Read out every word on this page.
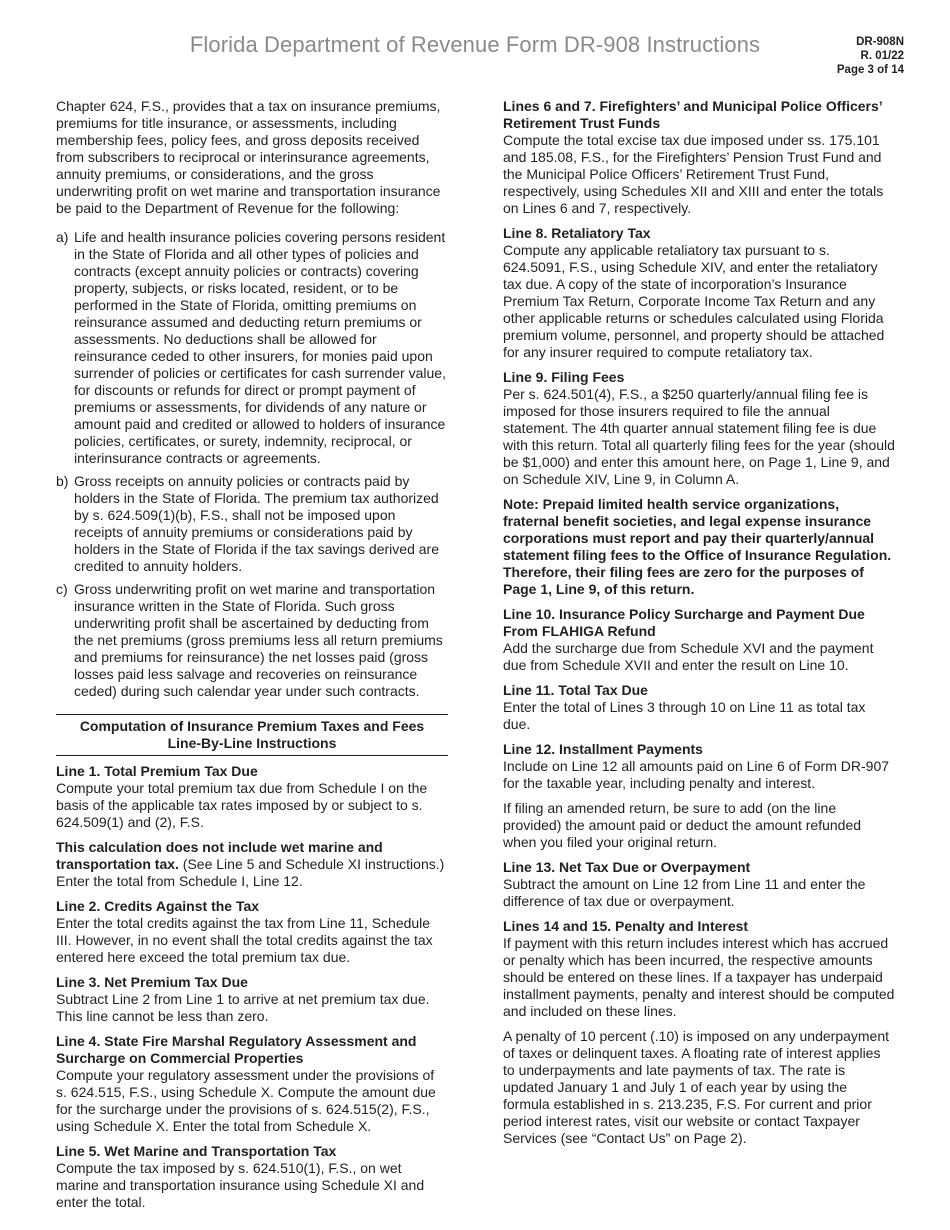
Florida Department of Revenue Form DR-908 Instructions	DR-908N
R. 01/22
Page 3 of 14

Chapter 624, F.S., provides that a tax on insurance premiums, premiums for title insurance, or assessments, including membership fees, policy fees, and gross deposits received from subscribers to reciprocal or interinsurance agreements, annuity premiums, or considerations, and the gross underwriting profit on wet marine and transportation insurance be paid to the Department of Revenue for the following:

a) Life and health insurance policies covering persons resident in the State of Florida and all other types of policies and contracts (except annuity policies or contracts) covering property, subjects, or risks located, resident, or to be performed in the State of Florida, omitting premiums on reinsurance assumed and deducting return premiums or assessments. No deductions shall be allowed for reinsurance ceded to other insurers, for monies paid upon surrender of policies or certificates for cash surrender value, for discounts or refunds for direct or prompt payment of premiums or assessments, for dividends of any nature or amount paid and credited or allowed to holders of insurance policies, certificates, or surety, indemnity, reciprocal, or interinsurance contracts or agreements.
b) Gross receipts on annuity policies or contracts paid by holders in the State of Florida. The premium tax authorized by s. 624.509(1)(b), F.S., shall not be imposed upon receipts of annuity premiums or considerations paid by holders in the State of Florida if the tax savings derived are credited to annuity holders.
c) Gross underwriting profit on wet marine and transportation insurance written in the State of Florida. Such gross underwriting profit shall be ascertained by deducting from the net premiums (gross premiums less all return premiums and premiums for reinsurance) the net losses paid (gross losses paid less salvage and recoveries on reinsurance ceded) during such calendar year under such contracts.
Computation of Insurance Premium Taxes and Fees
Line-By-Line Instructions
Line 1. Total Premium Tax Due
Compute your total premium tax due from Schedule I on the basis of the applicable tax rates imposed by or subject to s. 624.509(1) and (2), F.S.
This calculation does not include wet marine and transportation tax. (See Line 5 and Schedule XI instructions.) Enter the total from Schedule I, Line 12.
Line 2. Credits Against the Tax
Enter the total credits against the tax from Line 11, Schedule III. However, in no event shall the total credits against the tax entered here exceed the total premium tax due.
Line 3. Net Premium Tax Due
Subtract Line 2 from Line 1 to arrive at net premium tax due. This line cannot be less than zero.
Line 4. State Fire Marshal Regulatory Assessment and Surcharge on Commercial Properties
Compute your regulatory assessment under the provisions of s. 624.515, F.S., using Schedule X. Compute the amount due for the surcharge under the provisions of s. 624.515(2), F.S., using Schedule X. Enter the total from Schedule X.
Line 5. Wet Marine and Transportation Tax
Compute the tax imposed by s. 624.510(1), F.S., on wet marine and transportation insurance using Schedule XI and enter the total.
Lines 6 and 7. Firefighters’ and Municipal Police Officers’ Retirement Trust Funds
Compute the total excise tax due imposed under ss. 175.101 and 185.08, F.S., for the Firefighters’ Pension Trust Fund and the Municipal Police Officers’ Retirement Trust Fund, respectively, using Schedules XII and XIII and enter the totals on Lines 6 and 7, respectively.
Line 8. Retaliatory Tax
Compute any applicable retaliatory tax pursuant to s. 624.5091, F.S., using Schedule XIV, and enter the retaliatory tax due. A copy of the state of incorporation’s Insurance Premium Tax Return, Corporate Income Tax Return and any other applicable returns or schedules calculated using Florida premium volume, personnel, and property should be attached for any insurer required to compute retaliatory tax.
Line 9. Filing Fees
Per s. 624.501(4), F.S., a $250 quarterly/annual filing fee is imposed for those insurers required to file the annual statement. The 4th quarter annual statement filing fee is due with this return. Total all quarterly filing fees for the year (should be $1,000) and enter this amount here, on Page 1, Line 9, and on Schedule XIV, Line 9, in Column A.

Note: Prepaid limited health service organizations, fraternal benefit societies, and legal expense insurance corporations must report and pay their quarterly/annual statement filing fees to the Office of Insurance Regulation. Therefore, their filing fees are zero for the purposes of Page 1, Line 9, of this return.

Line 10. Insurance Policy Surcharge and Payment Due From FLAHIGA Refund
Add the surcharge due from Schedule XVI and the payment due from Schedule XVII and enter the result on Line 10.
Line 11. Total Tax Due
Enter the total of Lines 3 through 10 on Line 11 as total tax due.
Line 12. Installment Payments
Include on Line 12 all amounts paid on Line 6 of Form DR-907 for the taxable year, including penalty and interest.

If filing an amended return, be sure to add (on the line provided) the amount paid or deduct the amount refunded when you filed your original return.

Line 13. Net Tax Due or Overpayment
Subtract the amount on Line 12 from Line 11 and enter the difference of tax due or overpayment.
Lines 14 and 15. Penalty and Interest
If payment with this return includes interest which has accrued or penalty which has been incurred, the respective amounts should be entered on these lines. If a taxpayer has underpaid installment payments, penalty and interest should be computed and included on these lines.

A penalty of 10 percent (.10) is imposed on any underpayment of taxes or delinquent taxes. A floating rate of interest applies to underpayments and late payments of tax. The rate is updated January 1 and July 1 of each year by using the formula established in s. 213.235, F.S. For current and prior period interest rates, visit our website or contact Taxpayer Services (see “Contact Us” on Page 2).
